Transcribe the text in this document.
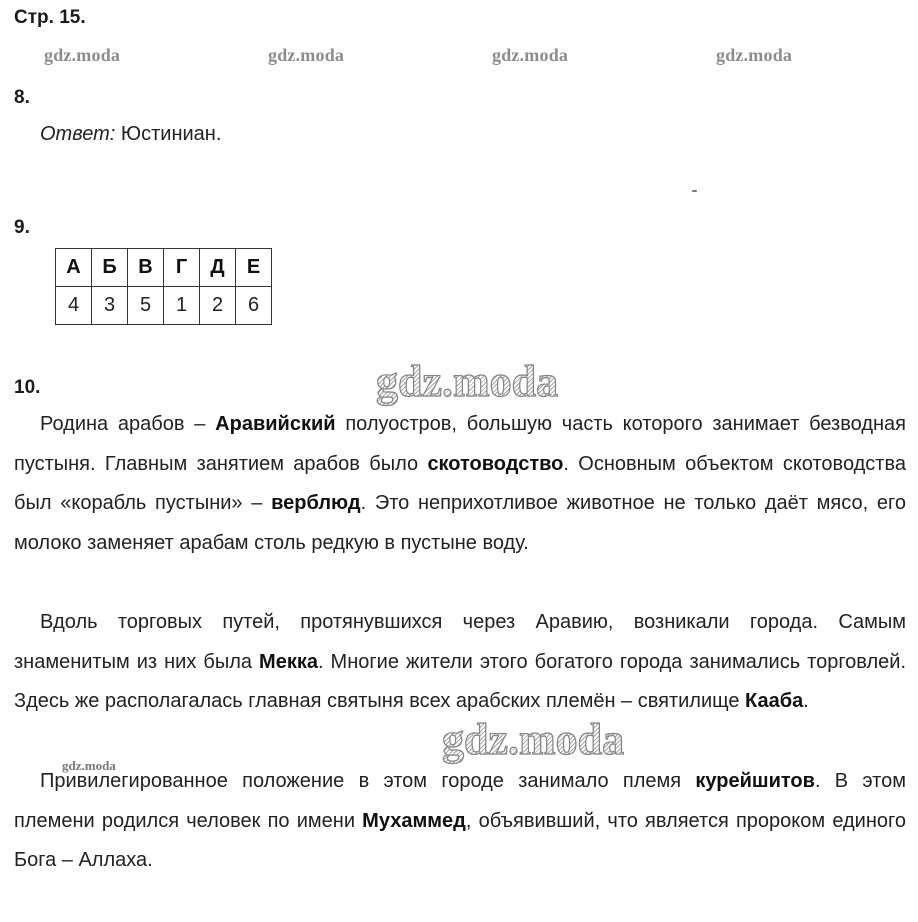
Стр. 15.
gdz.moda	gdz.moda	gdz.moda	gdz.moda
8.
Ответ: Юстиниан.
9.
А	Б	В	Г	Д	Е
4	3	5	1	2	6
10.	gdz.moda
Родина арабов – Аравийский полуостров, большую часть которого занимает безводная пустыня. Главным занятием арабов было скотоводство. Основным объектом скотоводства был «корабль пустыни» – верблюд. Это неприхотливое животное не только даёт мясо, его молоко заменяет арабам столь редкую в пустыне воду.
Вдоль торговых путей, протянувшихся через Аравию, возникали города. Самым знаменитым из них была Мекка. Многие жители этого богатого города занимались торговлей. Здесь же располагалась главная святыня всех арабских племён – святилище Кааба.
gdz.moda
gdz.moda
Привилегированное положение в этом городе занимало племя курейшитов. В этом племени родился человек по имени Мухаммед, объявивший, что является пророком единого Бога – Аллаха.
